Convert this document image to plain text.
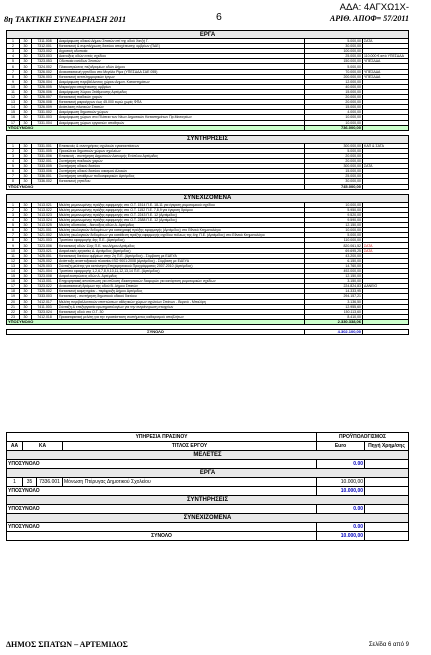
ΑΔΑ: 4ΑΓΧΩ1Χ-
8η ΤΑΚΤΙΚΗ ΣΥΝΕΔΡΙΑΣΗ 2011	6	ΑΡΙΘ. ΑΠΟΦ= 57/2011
ΕΡΓΑ					
1	30	7311.008	Διαμόρφωση οδικού Δήμου Σπατών επί της οδού Χατζή Γ.	5.000,00	ΣΑΤΑ
2	30	7312.001	Κατασκευή & συμπλήρωση δικτύου αποχέτευσης ομβρίων (ΠΔΕ)	30.000,00	
3	30	7323.002	Αγροτική οδοποιία	100.000,00	
4	30	7323.003	Διανοίξεις οδών εντός σχεδίου	25.000,00	110.000 € από ΥΠΕΣΔΔΑ
5	30	7323.053	Οδοποιία εισόδων Σπατών	150.000,00	ΥΠΕΣΔΔΑ
6	30	7324.002	Πλακοστρώσεις πεζοδρομίων οδών Δήμου	5.000,00	
7	30	7326.002	Ανακατασκευή γηπέδου στο Μεγάλο Ρίμα (ΥΠΕΣΔΔΑ ΣΑΕ 055)	70.000,00	ΥΠΕΣΔΔΑ
8	30	7326.003	Κατασκευή αντιπλημμυρικών έργων	200.000,00	ΥΠΕΣΔΔΑ
9	30	7326.004	Διαμόρφωση περιβάλλοντος χώρου Δημοτ. Καταστημάτων	12.000,00	
10	30	7326.005	Μικροέργα αποχέτευσης ομβρίων	40.000,00	
11	30	7326.006	Διαμόρφωση Χώρου Στάθμευσης Αρτέμιδος	15.000,00	
12	30	7326.007	Κατασκευή παιδικών χαρών	20.000,00	
13	30	7326.008	Κατασκευή μικροέργων έως 45.000 ευρώ χωρίς ΦΠΑ	20.000,00	
14	30	7326.009	Ανάπλαση πλατειών Σπατών	15.000,00	
15	30	7331.002	Διαμόρφωση δημοτικών χώρων	4.000,00	
16	30	7331.003	Διαμόρφωση χώρων στο Πλάτεια των Νέων Δημοτικών Καταστημάτων Πρ.Μεσογείων	10.000,00	
17	30	7331.004	Διαμόρφωση χώρων εργασιών αποθηκών	10.000,00	
ΥΠΟΣΥΝΟΛΟ				736.000,00	

ΣΥΝΤΗΡΗΣΕΙΣ					
1	30	7331.001	Επισκευές & συντηρήσεις σχολικών εγκαταστάσεων	300.000,00	ΚΑΠ & ΣΑΤΑ
2	30	7331.005	Προαύλειοι δημοτικών χώρων σχολείων	5.000,00	
3	30	7331.006	Επισκευή - συντήρηση Δημοτικών Διανομής Ενόπλου Αρτέμιδος	20.000,00	
4	30	7332.001	Συντήρηση παιδικών χαρών	20.000,00	
5	30	7333.005	Συντήρηση οδικού δικτύου	300.000,00	ΣΑΤΑ
6	30	7333.006	Συντήρηση οδικού δικτύου οικισμού Αλυκών	15.000,00	
7	30	7336.001	Συντήρηση υπαίθρων ποδοσφαιρικών Αρτέμιδος	25.000,00	
8	30	7336.002	Κατασκευή γηπέδου	30.000,00	
ΥΠΟΣΥΝΟΛΟ				745.000,00	

ΣΥΝΕΧΙΖΟΜΕΝΑ					
1	30	7413.021	Μελέτη μεμονωμένης πράξης εφαρμογής στο Ο.Τ. 1514 Π.Ε. 18-11 για έγκριση ρυμοτομικού σχεδίου	10.000,00	
2	30	7413.022	Μελέτη μεμονωμένης πράξης εφαρμογής στο Ο.Τ. 1152 Π.Ε. 7,8,9 για έγκριση δρόμου	5.950,00	
3	30	7413.023	Μελέτη μεμονωμένης πράξης εφαρμογής στο Ο.Τ. 2243 Π.Ε. 12 (Αρτέμιδος)	9.520,00	
4	30	7413.024	Μελέτη μεμονωμένης πράξης εφαρμογής στο Ο.Τ. 2388 Π.Ε. 12 (Αρτέμιδος)	9.590,00	
5	30	7413.025	Μελέτη οδοποιίας - διανοίξεις οδών Δ. Αρτέμιδος	12.150,00	
6	30	7421.001	Μελέτη γεωλογικών δεδομένων για καταγραφή πράξης εφαρμογής (Αρτέμιδος) στο Εθνικό Κτηματολόγιο	10.000,00	
7	30	7421.002	Μελέτη γεωλογικών δεδομένων για κατάθεση πράξης εφαρμογής σχεδίου πόλεως της 4ης Π.Ε. (Αρτέμιδος) στο Εθνικό Κτηματολόγιο	5.000,00	
8	30	7421.003	Τροπίσιο εφαρμογής 4ης Π.Ε. (Αρτέμιδος)	110.000,00	
9	30	7323.006	Κατασκευή οδών 11ης Π.Ε. του Δήμου Αρτέμιδος	820.061,52	ΣΑΤΑ
10	30	7323.021	Ασφαλτικές εργασίες Δ. Αρτέμιδος (Αρτέμιδος)	69.695,25	ΣΑΤΑ
11	30	7425.001	Κατασκευή δικτύου ομβρίων στην 2η Π.Ε. (Αρτέμιδος) - Σύμβαση με ΕΔΕΥΑ	43.200,00	
12	30	7425.002	Ανάπτυξη αναπτυξιακού πλαισίου ΙSO 9001:2008 (Αρτέμιδος) - Σύμβαση με ΕΔΕΥΑ	6.150,00	
13	30	7425.003	Σύνταξη μελέτης για εκπόνηση Επιχειρησιακού Προγράμματος 2007-2010 (Αρτέμιδος)	14.760,00	
14	30	7421.004	Τροπίσιο εφαρμογής 1,2,6,7,8,9,10,11,12,13,14 Π.Ε. (Αρτέμιδος)	492.000,00	
15	30	7323.008	Ασφαλτοστρώσεις οδών Δ. Αρτέμιδος	12.150,00	
16	30	7413.001	Επιχειρησιακή αποτύπωση για επίλυση ιδιοκτησιακών διαφορών για κατάρτιση ρυμοτομικών σχεδίων	3.150,00	
17	30	7323.022	Ανακατασκευή δρόμων της οδού Β. Δήμου Σπατών	224.824,83	ΔΑΝΕΙΟ
18	30	7325.002	Κατασκευή κοιμητηρίου - περίφραξη Δήμου Αρτέμιδος	14.333,95	
19	30	7333.003	Κατασκευή - συντήρηση δημοτικού οδικού δικτύου	294.157,21	
20	30	7412.017	Μελέτη περιβαλλοντικών επιπτώσεων αθλητικών χώρων σχολείων Σπάτων - Βορειό - Μπαλίρη	3.136,50	
21	30	7411.003	Σύνταξη & επεξεργασία ερωτηματολογίων για την συγκέντρωση στοιχείων	12.955,60	
22	30	7323.024	Κατασκευή οδού στο Ο.Τ. 30	150.113,60	
23	30	7412.018	Προκαταρκτική μελέτη για την εγκατάσταση συστήματος καθαρισμού αποβλήτων	8.410,00	
ΥΠΟΣΥΝΟΛΟ				2.330.338,06	

ΣΥΝΟΛΟ				4.302.100,00	
ΥΠΗΡΕΣΙΑ ΠΡΑΣΙΝΟΥ				ΠΡΟΫΠΟΛΟΓΙΣΜΟΣ	
ΑΑ	ΚΑ		ΤΙΤΛΟΣ ΕΡΓΟΥ	Euro	Πηγή Χρημ/σης
ΜΕΛΕΤΕΣ					
ΥΠΟΣΥΝΟΛΟ				0.00	
ΕΡΓΑ					
1	35	7336.001	Μόνωση Πτέρυγας Δημοτικού Σχολείου	10.000,00	
ΥΠΟΣΥΝΟΛΟ				10.000,00	
ΣΥΝΤΗΡΗΣΕΙΣ					
ΥΠΟΣΥΝΟΛΟ				0.00	
ΣΥΝΕΧΙΖΟΜΕΝΑ					
ΥΠΟΣΥΝΟΛΟ				0.00	
ΣΥΝΟΛΟ				10.000,00	
ΔΗΜΟΣ ΣΠΑΤΩΝ – ΑΡΤΕΜΙΔΟΣ	Σελίδα 6 από 9
